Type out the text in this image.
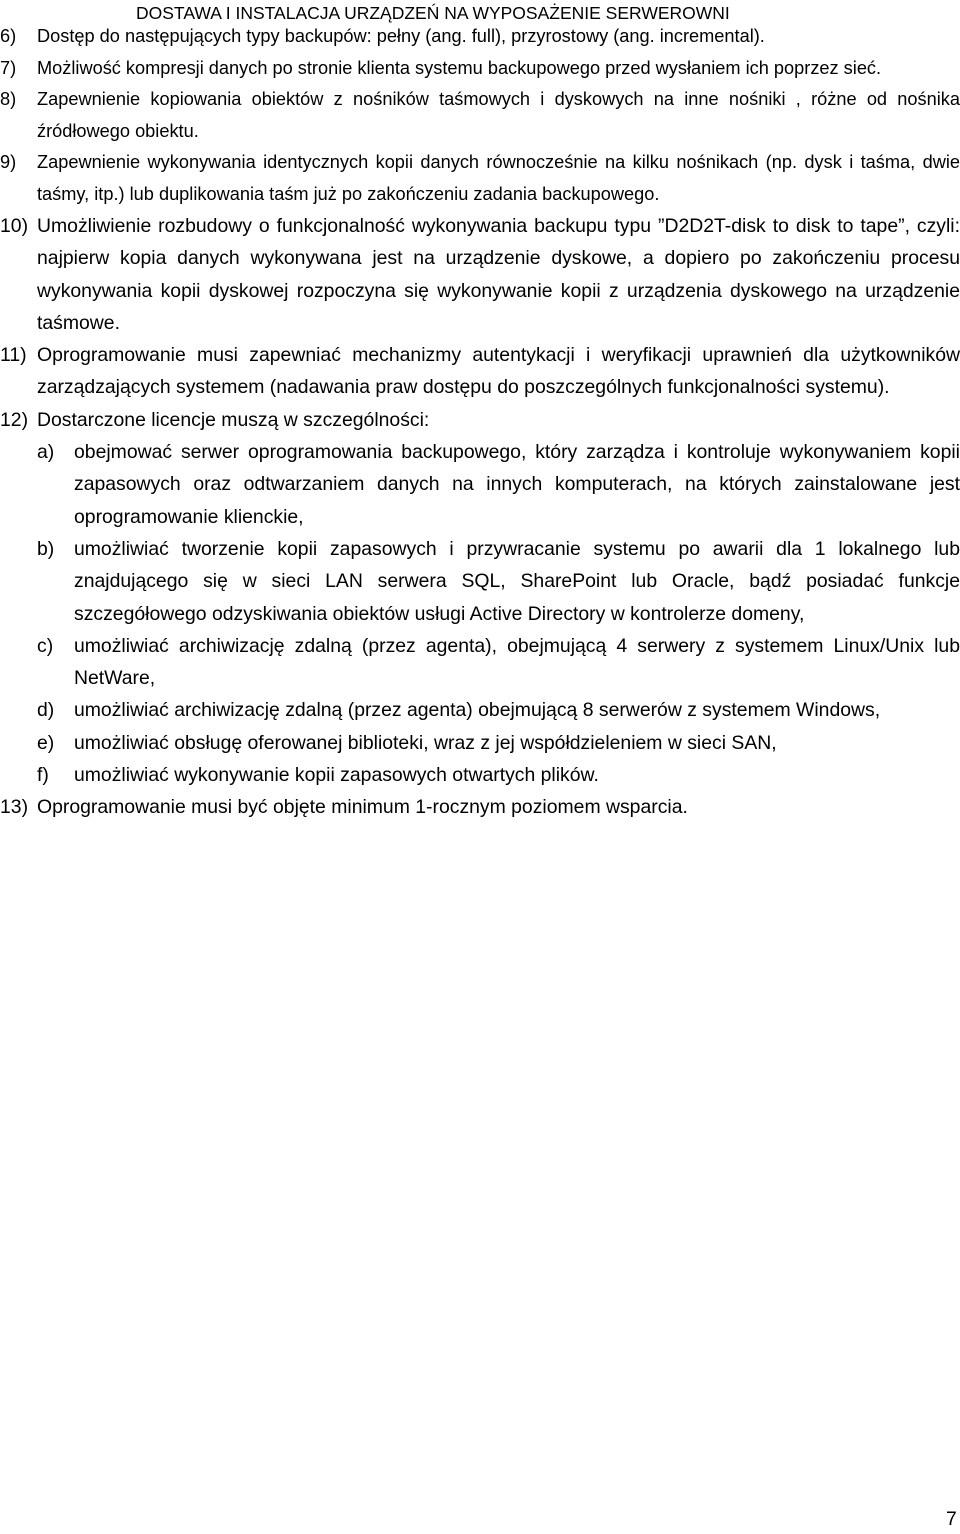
DOSTAWA I INSTALACJA URZĄDZEŃ NA WYPOSAŻENIE SERWEROWNI
6) Dostęp do następujących typy backupów: pełny (ang. full), przyrostowy (ang. incremental).
7) Możliwość kompresji danych po stronie klienta systemu backupowego przed wysłaniem ich poprzez sieć.
8) Zapewnienie kopiowania obiektów z nośników taśmowych i dyskowych na inne nośniki , różne od nośnika źródłowego obiektu.
9) Zapewnienie wykonywania identycznych kopii danych równocześnie na kilku nośnikach (np. dysk i taśma, dwie taśmy, itp.) lub duplikowania taśm już po zakończeniu zadania backupowego.
10) Umożliwienie rozbudowy o funkcjonalność wykonywania backupu typu ”D2D2T-disk to disk to tape”, czyli: najpierw kopia danych wykonywana jest na urządzenie dyskowe, a dopiero po zakończeniu procesu wykonywania kopii dyskowej rozpoczyna się wykonywanie kopii z urządzenia dyskowego na urządzenie taśmowe.
11) Oprogramowanie musi zapewniać mechanizmy autentykacji i weryfikacji uprawnień dla użytkowników zarządzających systemem (nadawania praw dostępu do poszczególnych funkcjonalności systemu).
12) Dostarczone licencje muszą w szczególności:
a) obejmować serwer oprogramowania backupowego, który zarządza i kontroluje wykonywaniem kopii zapasowych oraz odtwarzaniem danych na innych komputerach, na których zainstalowane jest oprogramowanie klienckie,
b) umożliwiać tworzenie kopii zapasowych i przywracanie systemu po awarii dla 1 lokalnego lub znajdującego się w sieci LAN serwera SQL, SharePoint lub Oracle, bądź posiadać funkcje szczegółowego odzyskiwania obiektów usługi Active Directory w kontrolerze domeny,
c) umożliwiać archiwizację zdalną (przez agenta), obejmującą 4 serwery z systemem Linux/Unix lub NetWare,
d) umożliwiać archiwizację zdalną (przez agenta) obejmującą 8 serwerów z systemem Windows,
e) umożliwiać obsługę oferowanej biblioteki, wraz z jej współdzieleniem w sieci SAN,
f) umożliwiać wykonywanie kopii zapasowych otwartych plików.
13) Oprogramowanie musi być objęte minimum 1-rocznym poziomem wsparcia.
7
